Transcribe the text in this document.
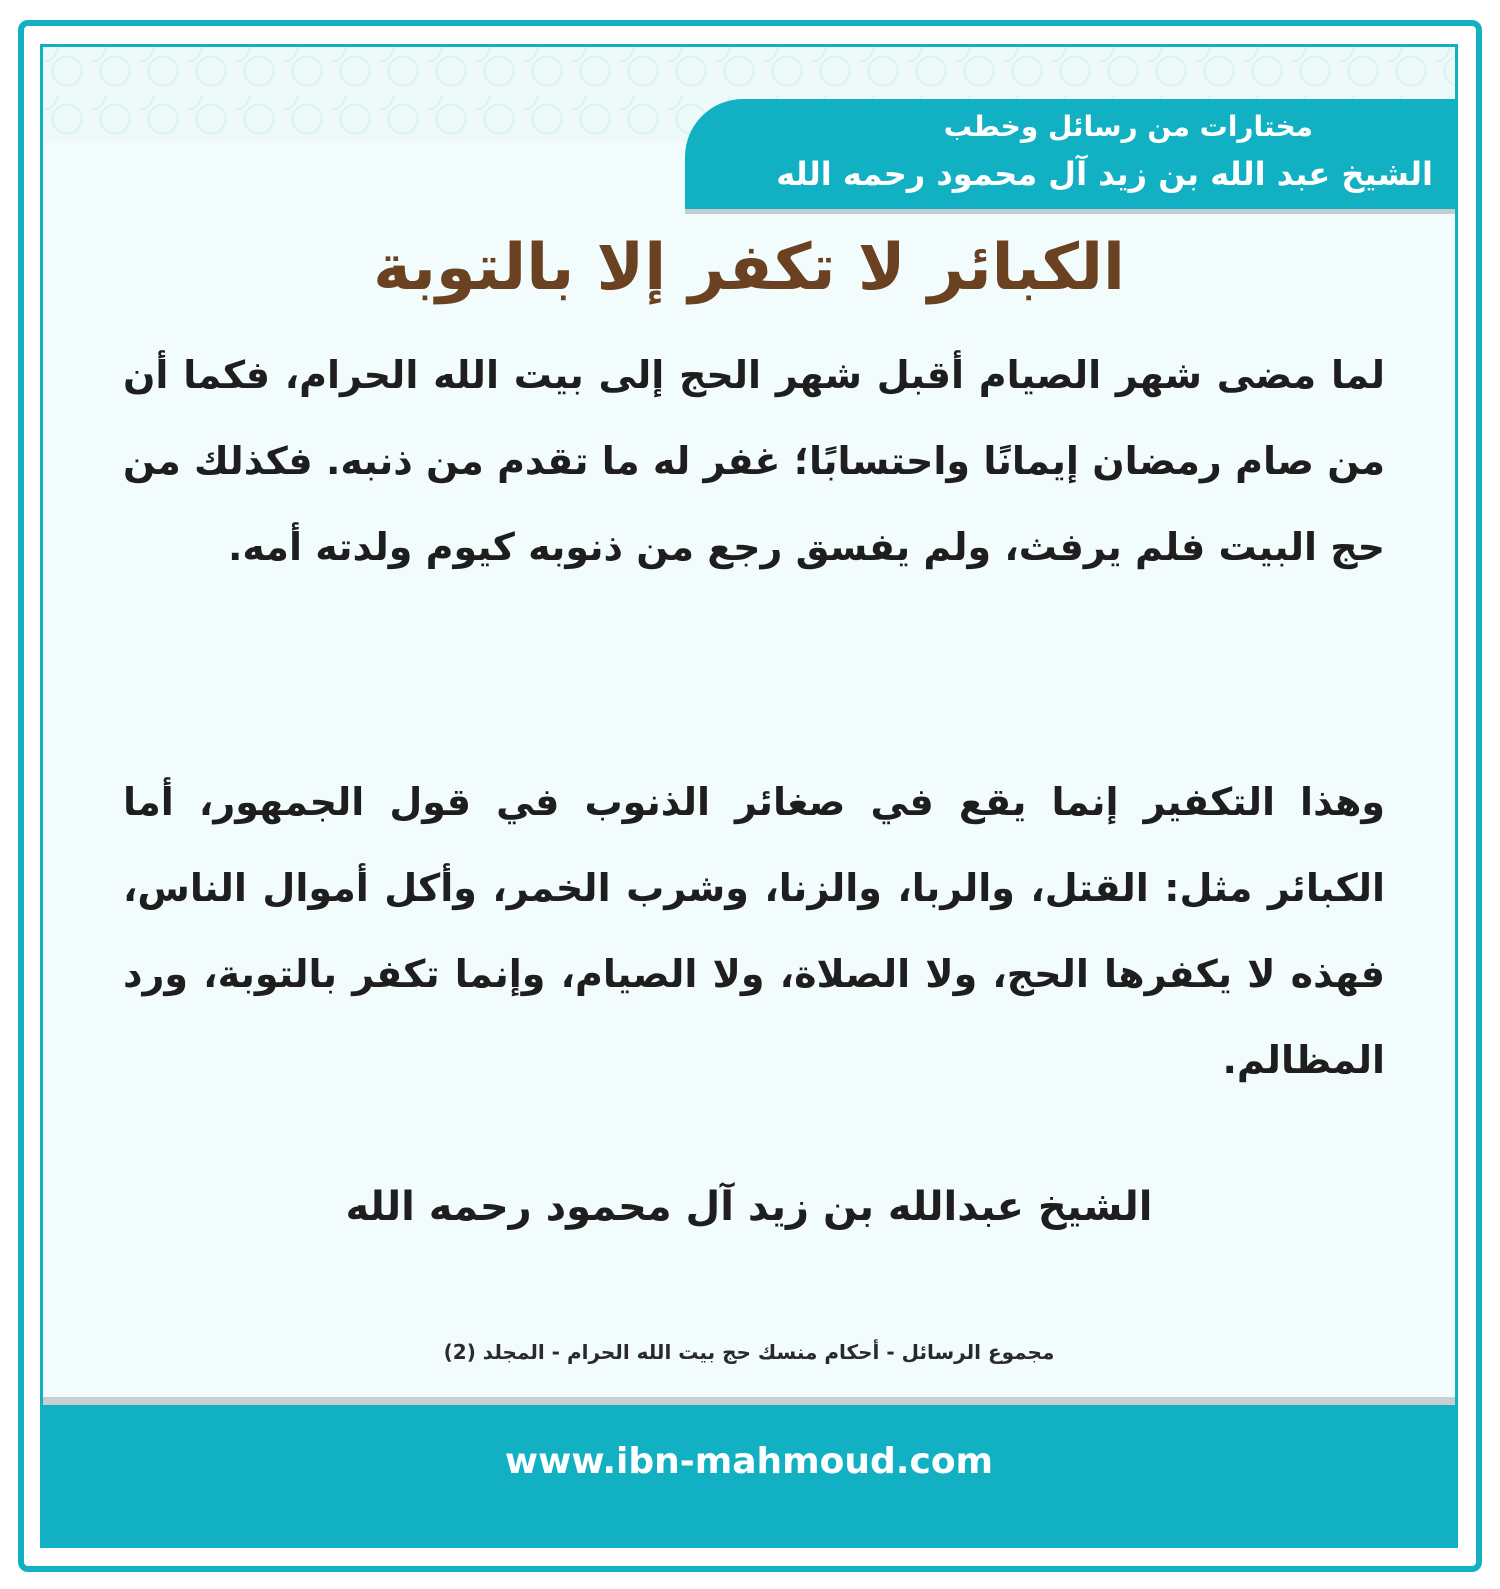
مختارات من رسائل وخطب
الشيخ عبد الله بن زيد آل محمود رحمه الله
الكبائر لا تكفر إلا بالتوبة

لما مضى شهر الصيام أقبل شهر الحج إلى بيت الله الحرام، فكما أن من صام رمضان إيمانًا واحتسابًا؛ غفر له ما تقدم من ذنبه. فكذلك من حج البيت فلم يرفث، ولم يفسق رجع من ذنوبه كيوم ولدته أمه.

وهذا التكفير إنما يقع في صغائر الذنوب في قول الجمهور، أما الكبائر مثل: القتل، والربا، والزنا، وشرب الخمر، وأكل أموال الناس، فهذه لا يكفرها الحج، ولا الصلاة، ولا الصيام، وإنما تكفر بالتوبة، ورد المظالم.

الشيخ عبدالله بن زيد آل محمود رحمه الله

مجموع الرسائل - أحكام منسك حج بيت الله الحرام - المجلد (2)

www.ibn-mahmoud.com
